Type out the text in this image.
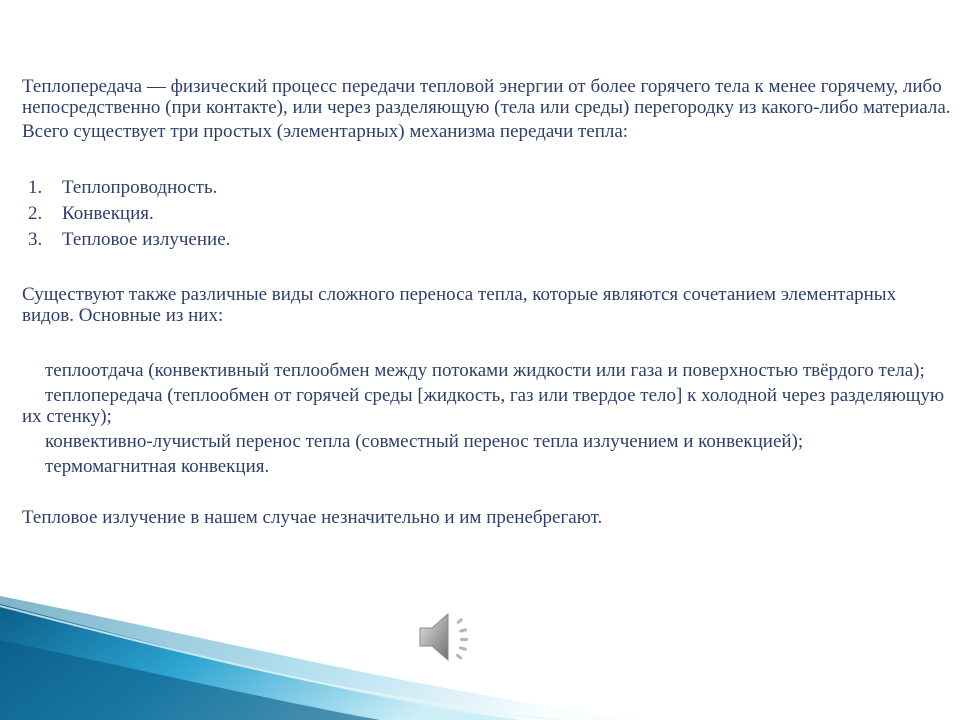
Теплопередача — физический процесс передачи тепловой энергии от более горячего тела к менее горячему, либо непосредственно (при контакте), или через разделяющую (тела или среды) перегородку из какого-либо материала.

Всего существует три простых (элементарных) механизма передачи тепла:

1.	Теплопроводность.
2.	Конвекция.
3.	Тепловое излучение.

Существуют также различные виды сложного переноса тепла, которые являются сочетанием элементарных видов. Основные из них:

теплоотдача (конвективный теплообмен между потоками жидкости или газа и поверхностью твёрдого тела);
теплопередача (теплообмен от горячей среды [жидкость, газ или твердое тело] к холодной через разделяющую их стенку);
конвективно-лучистый перенос тепла (совместный перенос тепла излучением и конвекцией);
термомагнитная конвекция.

Тепловое излучение в нашем случае незначительно и им пренебрегают.
